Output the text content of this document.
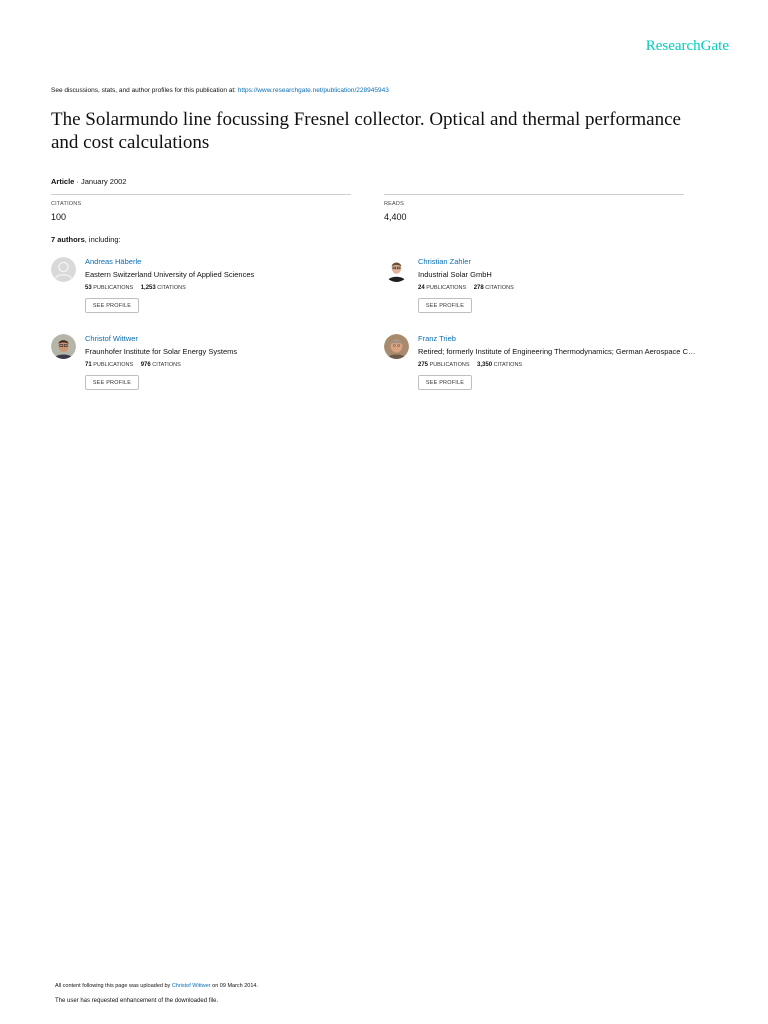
ResearchGate
See discussions, stats, and author profiles for this publication at: https://www.researchgate.net/publication/228945943
The Solarmundo line focussing Fresnel collector. Optical and thermal performance and cost calculations
Article · January 2002
CITATIONS
100
READS
4,400
7 authors, including:
Andreas Häberle
Eastern Switzerland University of Applied Sciences
53 PUBLICATIONS 1,253 CITATIONS
SEE PROFILE
Christian Zahler
Industrial Solar GmbH
24 PUBLICATIONS 278 CITATIONS
SEE PROFILE
Christof Wittwer
Fraunhofer Institute for Solar Energy Systems
71 PUBLICATIONS 976 CITATIONS
SEE PROFILE
Franz Trieb
Retired; formerly Institute of Engineering Thermodynamics; German Aerospace C…
275 PUBLICATIONS 3,350 CITATIONS
SEE PROFILE
All content following this page was uploaded by Christof Wittwer on 09 March 2014.
The user has requested enhancement of the downloaded file.
